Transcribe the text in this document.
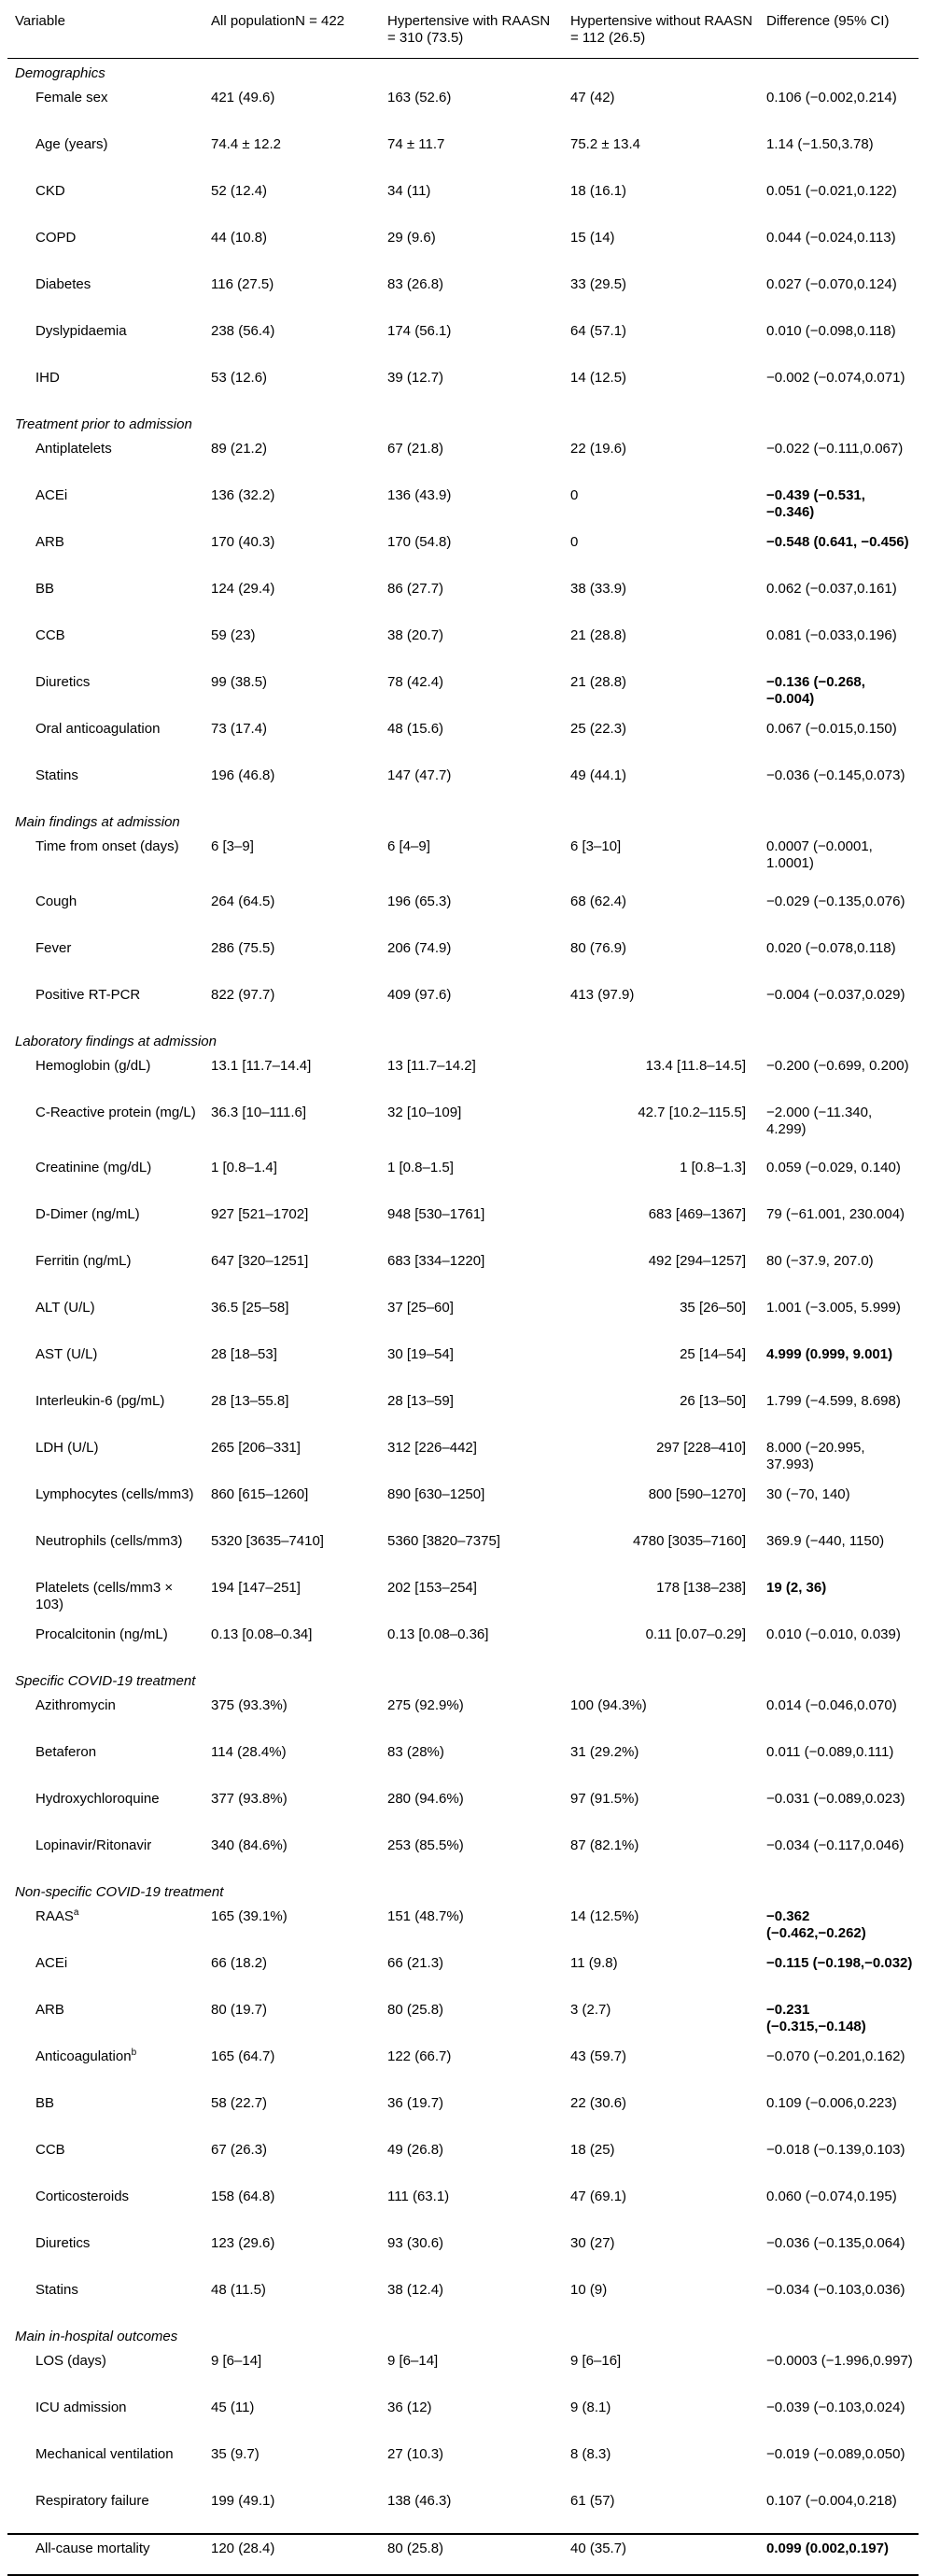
Variable	All populationN = 422	Hypertensive with RAASN = 310 (73.5)	Hypertensive without RAASN = 112 (26.5)	Difference (95% CI)
Demographics				
Female sex	421 (49.6)	163 (52.6)	47 (42)	0.106 (−0.002,0.214)
Age (years)	74.4 ± 12.2	74 ± 11.7	75.2 ± 13.4	1.14 (−1.50,3.78)
CKD	52 (12.4)	34 (11)	18 (16.1)	0.051 (−0.021,0.122)
COPD	44 (10.8)	29 (9.6)	15 (14)	0.044 (−0.024,0.113)
Diabetes	116 (27.5)	83 (26.8)	33 (29.5)	0.027 (−0.070,0.124)
Dyslypidaemia	238 (56.4)	174 (56.1)	64 (57.1)	0.010 (−0.098,0.118)
IHD	53 (12.6)	39 (12.7)	14 (12.5)	−0.002 (−0.074,0.071)
Treatment prior to admission				
Antiplatelets	89 (21.2)	67 (21.8)	22 (19.6)	−0.022 (−0.111,0.067)
ACEi	136 (32.2)	136 (43.9)	0	−0.439 (−0.531, −0.346)
ARB	170 (40.3)	170 (54.8)	0	−0.548 (0.641, −0.456)
BB	124 (29.4)	86 (27.7)	38 (33.9)	0.062 (−0.037,0.161)
CCB	59 (23)	38 (20.7)	21 (28.8)	0.081 (−0.033,0.196)
Diuretics	99 (38.5)	78 (42.4)	21 (28.8)	−0.136 (−0.268, −0.004)
Oral anticoagulation	73 (17.4)	48 (15.6)	25 (22.3)	0.067 (−0.015,0.150)
Statins	196 (46.8)	147 (47.7)	49 (44.1)	−0.036 (−0.145,0.073)
Main findings at admission				
Time from onset (days)	6 [3–9]	6 [4–9]	6 [3–10]	0.0007 (−0.0001, 1.0001)
Cough	264 (64.5)	196 (65.3)	68 (62.4)	−0.029 (−0.135,0.076)
Fever	286 (75.5)	206 (74.9)	80 (76.9)	0.020 (−0.078,0.118)
Positive RT-PCR	822 (97.7)	409 (97.6)	413 (97.9)	−0.004 (−0.037,0.029)
Laboratory findings at admission				
Hemoglobin (g/dL)	13.1 [11.7–14.4]	13 [11.7–14.2]	13.4 [11.8–14.5]	−0.200 (−0.699, 0.200)
C-Reactive protein (mg/L)	36.3 [10–111.6]	32 [10–109]	42.7 [10.2–115.5]	−2.000 (−11.340, 4.299)
Creatinine (mg/dL)	1 [0.8–1.4]	1 [0.8–1.5]	1 [0.8–1.3]	0.059 (−0.029, 0.140)
D-Dimer (ng/mL)	927 [521–1702]	948 [530–1761]	683 [469–1367]	79 (−61.001, 230.004)
Ferritin (ng/mL)	647 [320–1251]	683 [334–1220]	492 [294–1257]	80 (−37.9, 207.0)
ALT (U/L)	36.5 [25–58]	37 [25–60]	35 [26–50]	1.001 (−3.005, 5.999)
AST (U/L)	28 [18–53]	30 [19–54]	25 [14–54]	4.999 (0.999, 9.001)
Interleukin-6 (pg/mL)	28 [13–55.8]	28 [13–59]	26 [13–50]	1.799 (−4.599, 8.698)
LDH (U/L)	265 [206–331]	312 [226–442]	297 [228–410]	8.000 (−20.995, 37.993)
Lymphocytes (cells/mm3)	860 [615–1260]	890 [630–1250]	800 [590–1270]	30 (−70, 140)
Neutrophils (cells/mm3)	5320 [3635–7410]	5360 [3820–7375]	4780 [3035–7160]	369.9 (−440, 1150)
Platelets (cells/mm3 × 103)	194 [147–251]	202 [153–254]	178 [138–238]	19 (2, 36)
Procalcitonin (ng/mL)	0.13 [0.08–0.34]	0.13 [0.08–0.36]	0.11 [0.07–0.29]	0.010 (−0.010, 0.039)
Specific COVID-19 treatment				
Azithromycin	375 (93.3%)	275 (92.9%)	100 (94.3%)	0.014 (−0.046,0.070)
Betaferon	114 (28.4%)	83 (28%)	31 (29.2%)	0.011 (−0.089,0.111)
Hydroxychloroquine	377 (93.8%)	280 (94.6%)	97 (91.5%)	−0.031 (−0.089,0.023)
Lopinavir/Ritonavir	340 (84.6%)	253 (85.5%)	87 (82.1%)	−0.034 (−0.117,0.046)
Non-specific COVID-19 treatment				
RAAS$^a$	165 (39.1%)	151 (48.7%)	14 (12.5%)	−0.362 (−0.462,−0.262)
ACEi	66 (18.2)	66 (21.3)	11 (9.8)	−0.115 (−0.198,−0.032)
ARB	80 (19.7)	80 (25.8)	3 (2.7)	−0.231 (−0.315,−0.148)
Anticoagulation$^b$	165 (64.7)	122 (66.7)	43 (59.7)	−0.070 (−0.201,0.162)
BB	58 (22.7)	36 (19.7)	22 (30.6)	0.109 (−0.006,0.223)
CCB	67 (26.3)	49 (26.8)	18 (25)	−0.018 (−0.139,0.103)
Corticosteroids	158 (64.8)	111 (63.1)	47 (69.1)	0.060 (−0.074,0.195)
Diuretics	123 (29.6)	93 (30.6)	30 (27)	−0.036 (−0.135,0.064)
Statins	48 (11.5)	38 (12.4)	10 (9)	−0.034 (−0.103,0.036)
Main in-hospital outcomes				
LOS (days)	9 [6–14]	9 [6–14]	9 [6–16]	−0.0003 (−1.996,0.997)
ICU admission	45 (11)	36 (12)	9 (8.1)	−0.039 (−0.103,0.024)
Mechanical ventilation	35 (9.7)	27 (10.3)	8 (8.3)	−0.019 (−0.089,0.050)
Respiratory failure	199 (49.1)	138 (46.3)	61 (57)	0.107 (−0.004,0.218)
All-cause mortality	120 (28.4)	80 (25.8)	40 (35.7)	0.099 (0.002,0.197)
